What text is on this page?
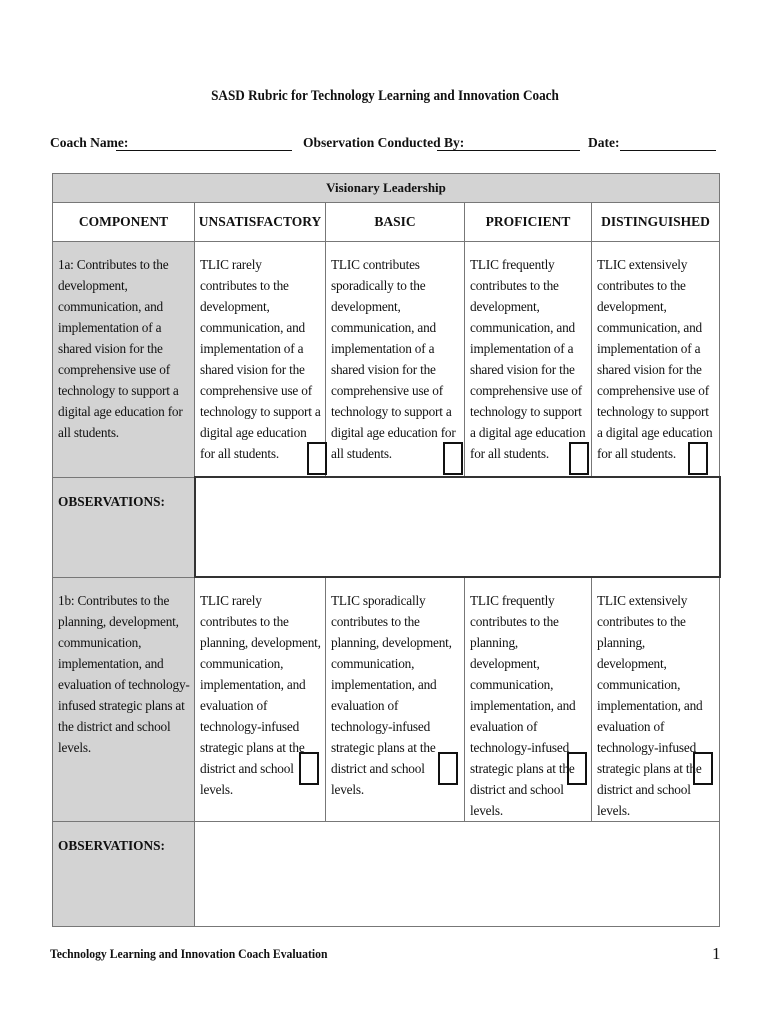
SASD Rubric for Technology Learning and Innovation Coach
Coach Name:	Observation Conducted By:	Date:
Visionary Leadership				
COMPONENT	UNSATISFACTORY	BASIC	PROFICIENT	DISTINGUISHED

1a: Contributes to the development, communication, and implementation of a shared vision for the comprehensive use of technology to support a digital age education for all students.	TLIC rarely contributes to the development, communication, and implementation of a shared vision for the comprehensive use of technology to support a digital age education for all students.	TLIC contributes sporadically to the development, communication, and implementation of a shared vision for the comprehensive use of technology to support a digital age education for all students.	TLIC frequently contributes to the development, communication, and implementation of a shared vision for the comprehensive use of technology to support a digital age education for all students.	TLIC extensively contributes to the development, communication, and implementation of a shared vision for the comprehensive use of technology to support a digital age education for all students.

OBSERVATIONS:				

1b: Contributes to the planning, development, communication, implementation, and evaluation of technology-infused strategic plans at the district and school levels.	TLIC rarely contributes to the planning, development, communication, implementation, and evaluation of technology-infused strategic plans at the district and school levels.	TLIC sporadically contributes to the planning, development, communication, implementation, and evaluation of technology-infused strategic plans at the district and school levels.	TLIC frequently contributes to the planning, development, communication, implementation, and evaluation of technology-infused strategic plans at the district and school levels.	TLIC extensively contributes to the planning, development, communication, implementation, and evaluation of technology-infused strategic plans at the district and school levels.

OBSERVATIONS:				
Technology Learning and Innovation Coach Evaluation	1
